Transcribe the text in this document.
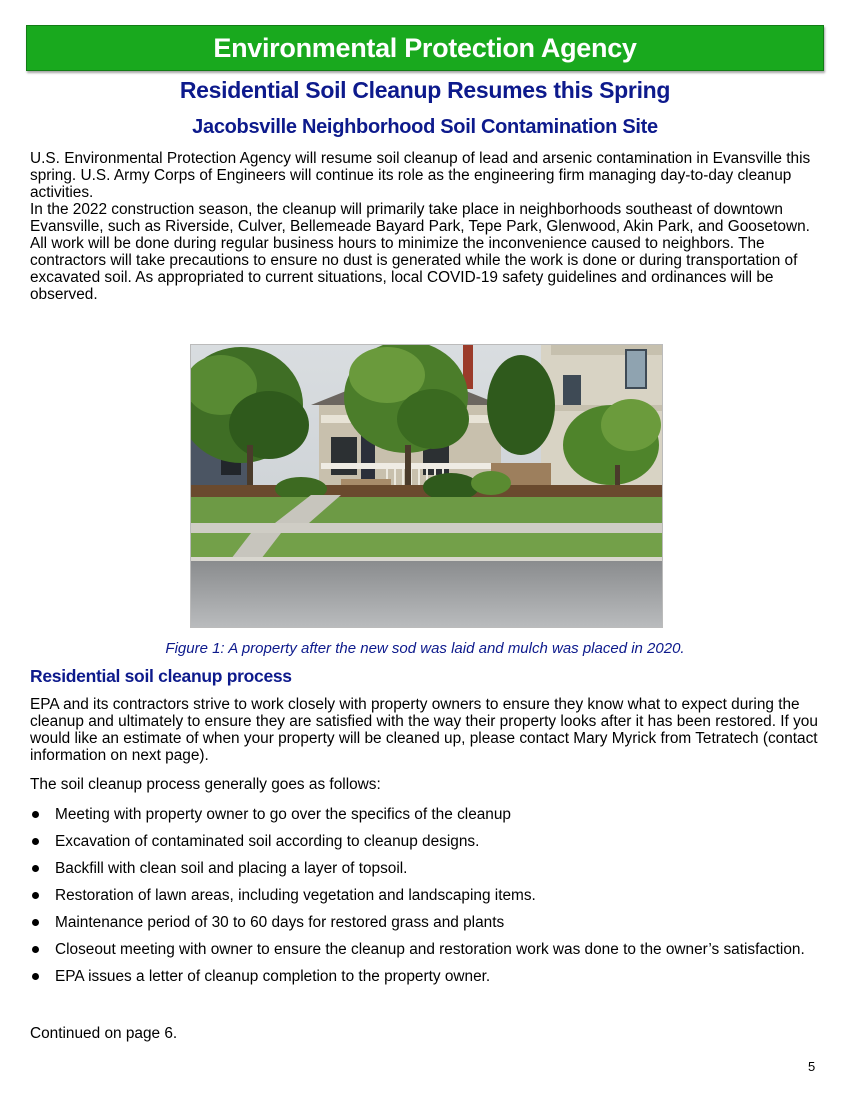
Environmental Protection Agency
Residential Soil Cleanup Resumes this Spring
Jacobsville Neighborhood Soil Contamination Site

U.S. Environmental Protection Agency will resume soil cleanup of lead and arsenic contamination in Evansville this spring. U.S. Army Corps of Engineers will continue its role as the engineering firm managing day-to-day cleanup activities.

In the 2022 construction season, the cleanup will primarily take place in neighborhoods southeast of downtown Evansville, such as Riverside, Culver, Bellemeade Bayard Park, Tepe Park, Glenwood, Akin Park, and Goosetown.

All work will be done during regular business hours to minimize the inconvenience caused to neighbors. The contractors will take precautions to ensure no dust is generated while the work is done or during transportation of excavated soil. As appropriated to current situations, local COVID-19 safety guidelines and ordinances will be observed.

Figure 1: A property after the new sod was laid and mulch was placed in 2020.
Residential soil cleanup process

EPA and its contractors strive to work closely with property owners to ensure they know what to expect during the cleanup and ultimately to ensure they are satisfied with the way their property looks after it has been restored. If you would like an estimate of when your property will be cleaned up, please contact Mary Myrick from Tetratech (contact information on next page).

The soil cleanup process generally goes as follows:
Meeting with property owner to go over the specifics of the cleanup
Excavation of contaminated soil according to cleanup designs.
Backfill with clean soil and placing a layer of topsoil.
Restoration of lawn areas, including vegetation and landscaping items.
Maintenance period of 30 to 60 days for restored grass and plants
Closeout meeting with owner to ensure the cleanup and restoration work was done to the owner’s satisfaction.
EPA issues a letter of cleanup completion to the property owner.
Continued on page 6.
5
